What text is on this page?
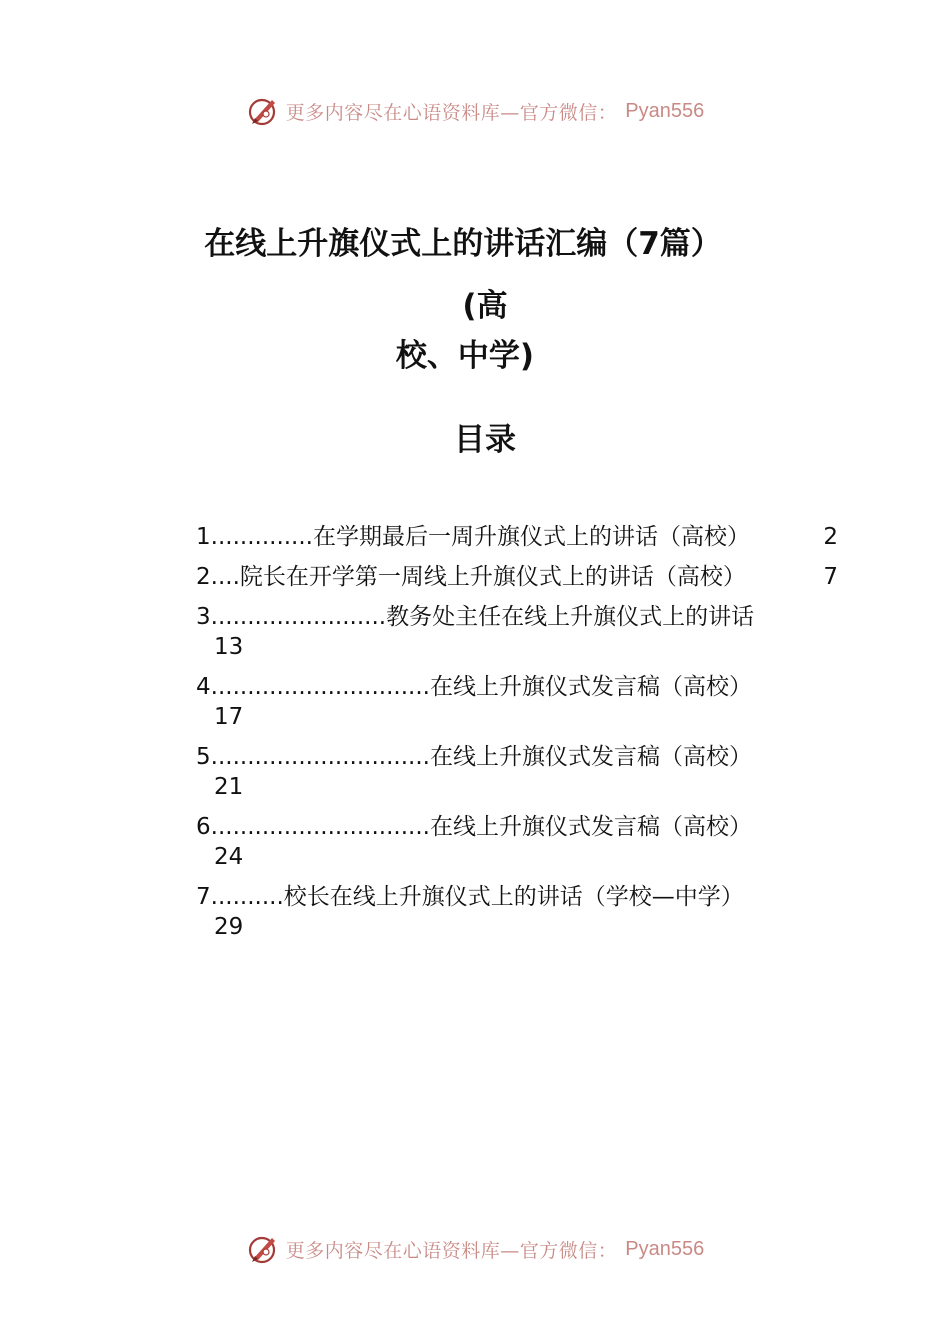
更多内容尽在心语资料库—官方微信： Pyan556
在线上升旗仪式上的讲话汇编（7篇）
(高
校、中学)
目录
1..............在学期最后一周升旗仪式上的讲话（高校）	2
2....院长在开学第一周线上升旗仪式上的讲话（高校）	7
3........................教务处主任在线上升旗仪式上的讲话
13
4..............................在线上升旗仪式发言稿（高校）
17
5..............................在线上升旗仪式发言稿（高校）
21
6..............................在线上升旗仪式发言稿（高校）
24
7..........校长在线上升旗仪式上的讲话（学校—中学）
29
更多内容尽在心语资料库—官方微信： Pyan556
